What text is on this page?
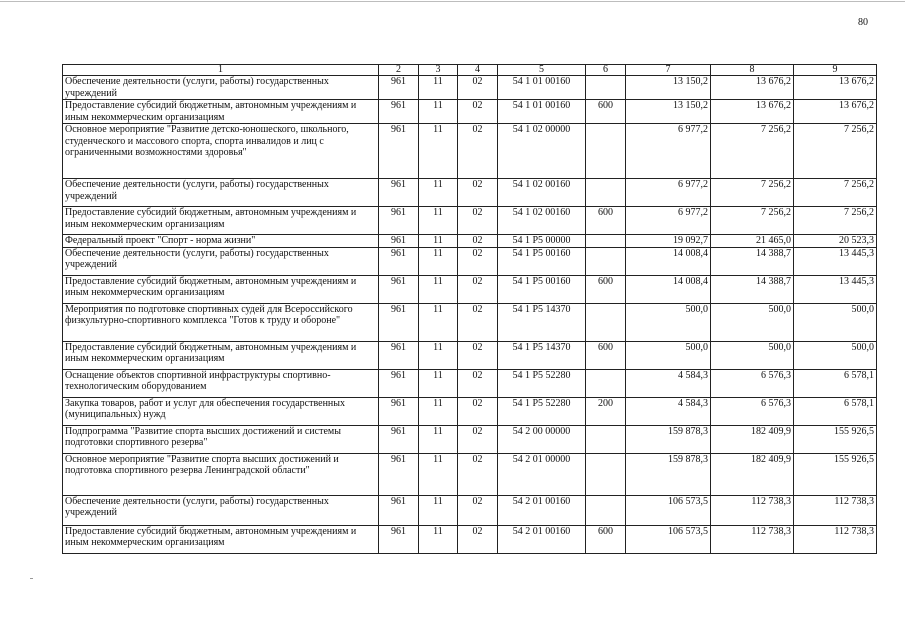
80
1	2	3	4	5	6	7	8	9
Обеспечение деятельности (услуги, работы) государственных учреждений	961	11	02	54 1 01 00160		13 150,2	13 676,2	13 676,2
Предоставление субсидий бюджетным, автономным учреждениям и иным некоммерческим организациям	961	11	02	54 1 01 00160	600	13 150,2	13 676,2	13 676,2
Основное мероприятие "Развитие детско-юношеского, школьного, студенческого и массового спорта, спорта инвалидов и лиц с ограниченными возможностями здоровья"	961	11	02	54 1 02 00000		6 977,2	7 256,2	7 256,2
Обеспечение деятельности (услуги, работы) государственных учреждений	961	11	02	54 1 02 00160		6 977,2	7 256,2	7 256,2
Предоставление субсидий бюджетным, автономным учреждениям и иным некоммерческим организациям	961	11	02	54 1 02 00160	600	6 977,2	7 256,2	7 256,2
Федеральный проект "Спорт - норма жизни"	961	11	02	54 1 P5 00000		19 092,7	21 465,0	20 523,3
Обеспечение деятельности (услуги, работы) государственных учреждений	961	11	02	54 1 P5 00160		14 008,4	14 388,7	13 445,3
Предоставление субсидий бюджетным, автономным учреждениям и иным некоммерческим организациям	961	11	02	54 1 P5 00160	600	14 008,4	14 388,7	13 445,3
Мероприятия по подготовке спортивных судей для Всероссийского физкультурно-спортивного комплекса "Готов к труду и обороне"	961	11	02	54 1 P5 14370		500,0	500,0	500,0
Предоставление субсидий бюджетным, автономным учреждениям и иным некоммерческим организациям	961	11	02	54 1 P5 14370	600	500,0	500,0	500,0
Оснащение объектов спортивной инфраструктуры спортивно-технологическим оборудованием	961	11	02	54 1 P5 52280		4 584,3	6 576,3	6 578,1
Закупка товаров, работ и услуг для обеспечения государственных (муниципальных) нужд	961	11	02	54 1 P5 52280	200	4 584,3	6 576,3	6 578,1
Подпрограмма "Развитие спорта высших достижений и системы подготовки спортивного резерва"	961	11	02	54 2 00 00000		159 878,3	182 409,9	155 926,5
Основное мероприятие "Развитие спорта высших достижений и подготовка спортивного резерва Ленинградской области"	961	11	02	54 2 01 00000		159 878,3	182 409,9	155 926,5
Обеспечение деятельности (услуги, работы) государственных учреждений	961	11	02	54 2 01 00160		106 573,5	112 738,3	112 738,3
Предоставление субсидий бюджетным, автономным учреждениям и иным некоммерческим организациям	961	11	02	54 2 01 00160	600	106 573,5	112 738,3	112 738,3
